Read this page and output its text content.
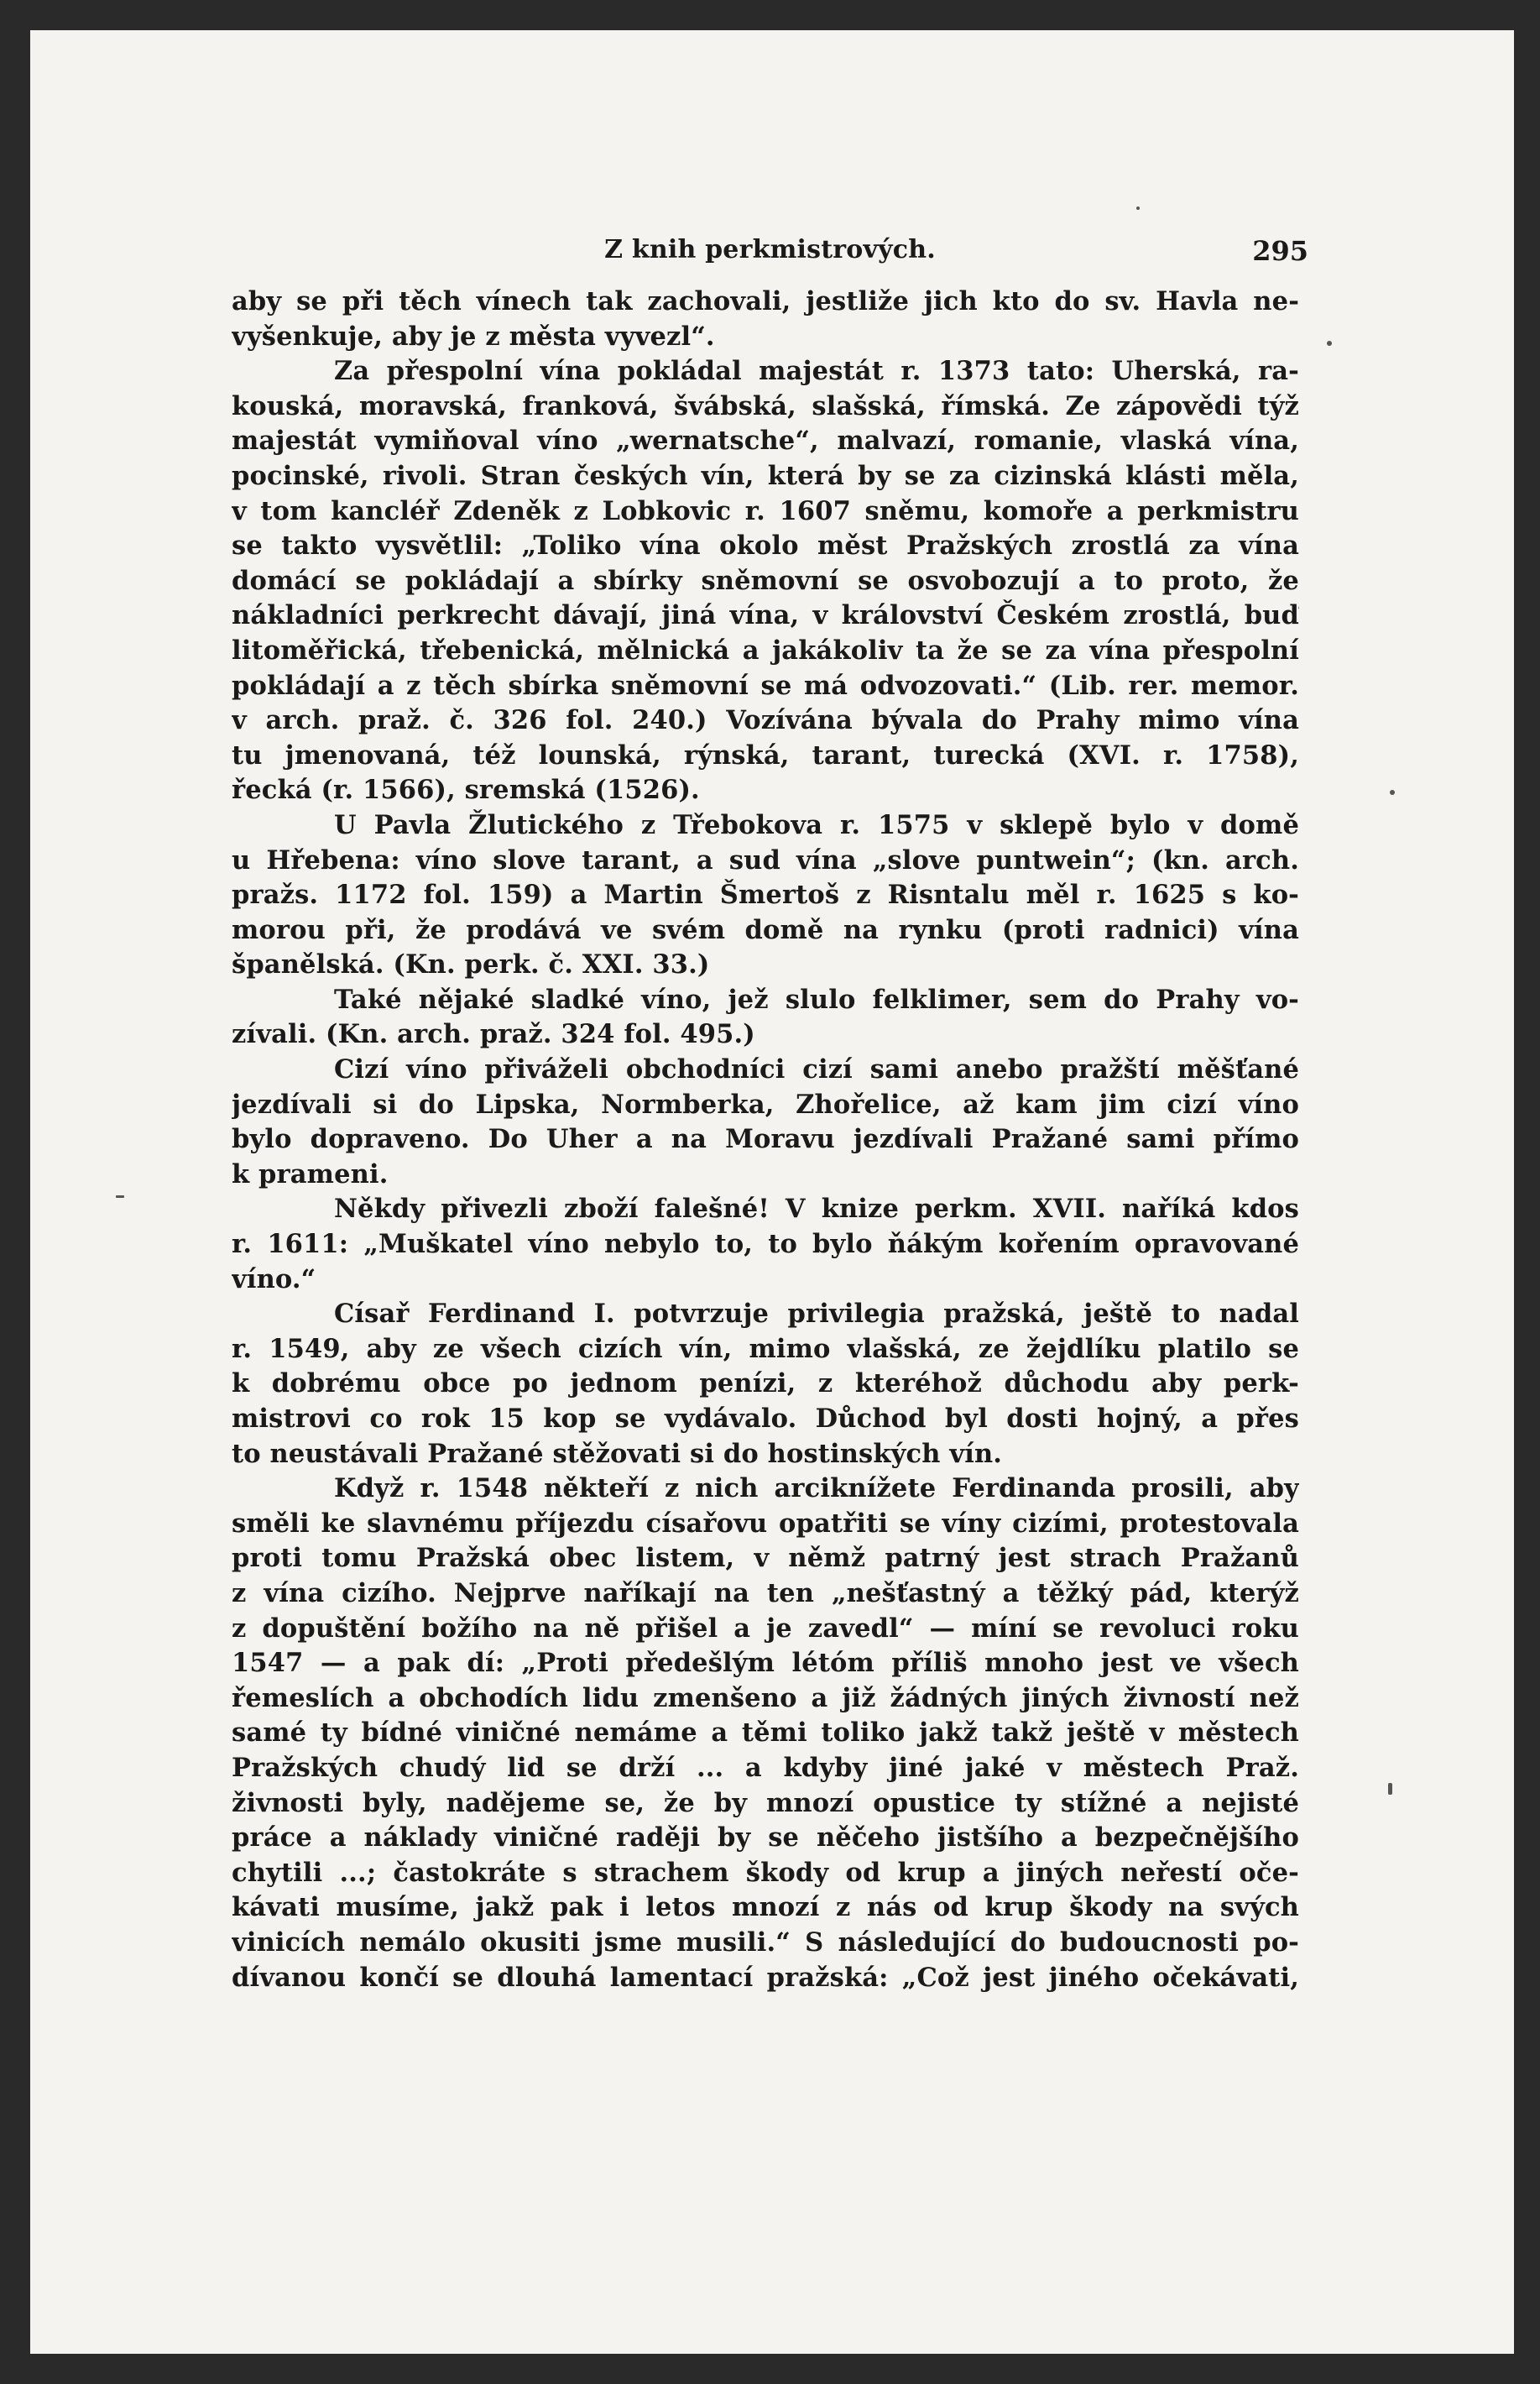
Z knih perkmistrových.	295
aby se při těch vínech tak zachovali, jestliže jich kto do sv. Havla ne-
vyšenkuje, aby je z města vyvezl“.
Za přespolní vína pokládal majestát r. 1373 tato: Uherská, ra-
kouská, moravská, franková, švábská, slašská, římská. Ze zápovědi týž
majestát vymiňoval víno „wernatsche“, malvazí, romanie, vlaská vína,
pocinské, rivoli. Stran českých vín, která by se za cizinská klásti měla,
v tom kancléř Zdeněk z Lobkovic r. 1607 sněmu, komoře a perkmistru
se takto vysvětlil: „Toliko vína okolo měst Pražských zrostlá za vína
domácí se pokládají a sbírky sněmovní se osvobozují a to proto, že
nákladníci perkrecht dávají, jiná vína, v království Českém zrostlá, buď
litoměřická, třebenická, mělnická a jakákoliv ta že se za vína přespolní
pokládají a z těch sbírka sněmovní se má odvozovati.“ (Lib. rer. memor.
v arch. praž. č. 326 fol. 240.) Vozívána bývala do Prahy mimo vína
tu jmenovaná, též lounská, rýnská, tarant, turecká (XVI. r. 1758),
řecká (r. 1566), sremská (1526).
U Pavla Žlutického z Třebokova r. 1575 v sklepě bylo v domě
u Hřebena: víno slove tarant, a sud vína „slove puntwein“; (kn. arch.
pražs. 1172 fol. 159) a Martin Šmertoš z Risntalu měl r. 1625 s ko-
morou při, že prodává ve svém domě na rynku (proti radnici) vína
španělská. (Kn. perk. č. XXI. 33.)
Také nějaké sladké víno, jež slulo felklimer, sem do Prahy vo-
zívali. (Kn. arch. praž. 324 fol. 495.)
Cizí víno přiváželi obchodníci cizí sami anebo pražští měšťané
jezdívali si do Lipska, Normberka, Zhořelice, až kam jim cizí víno
bylo dopraveno. Do Uher a na Moravu jezdívali Pražané sami přímo
k prameni.
Někdy přivezli zboží falešné! V knize perkm. XVII. naříká kdos
r. 1611: „Muškatel víno nebylo to, to bylo ňákým kořením opravované
víno.“
Císař Ferdinand I. potvrzuje privilegia pražská, ještě to nadal
r. 1549, aby ze všech cizích vín, mimo vlašská, ze žejdlíku platilo se
k dobrému obce po jednom penízi, z kteréhož důchodu aby perk-
mistrovi co rok 15 kop se vydávalo. Důchod byl dosti hojný, a přes
to neustávali Pražané stěžovati si do hostinských vín.
Když r. 1548 někteří z nich arciknížete Ferdinanda prosili, aby
směli ke slavnému příjezdu císařovu opatřiti se víny cizími, protestovala
proti tomu Pražská obec listem, v němž patrný jest strach Pražanů
z vína cizího. Nejprve naříkají na ten „nešťastný a těžký pád, kterýž
z dopuštění božího na ně přišel a je zavedl“ — míní se revoluci roku
1547 — a pak dí: „Proti předešlým létóm příliš mnoho jest ve všech
řemeslích a obchodích lidu zmenšeno a již žádných jiných živností než
samé ty bídné viničné nemáme a těmi toliko jakž takž ještě v městech
Pražských chudý lid se drží ... a kdyby jiné jaké v městech Praž.
živnosti byly, nadějeme se, že by mnozí opustice ty stížné a nejisté
práce a náklady viničné raději by se něčeho jistšího a bezpečnějšího
chytili ...; častokráte s strachem škody od krup a jiných neřestí oče-
kávati musíme, jakž pak i letos mnozí z nás od krup škody na svých
vinicích nemálo okusiti jsme musili.“ S následující do budoucnosti po-
dívanou končí se dlouhá lamentací pražská: „Což jest jiného očekávati,
